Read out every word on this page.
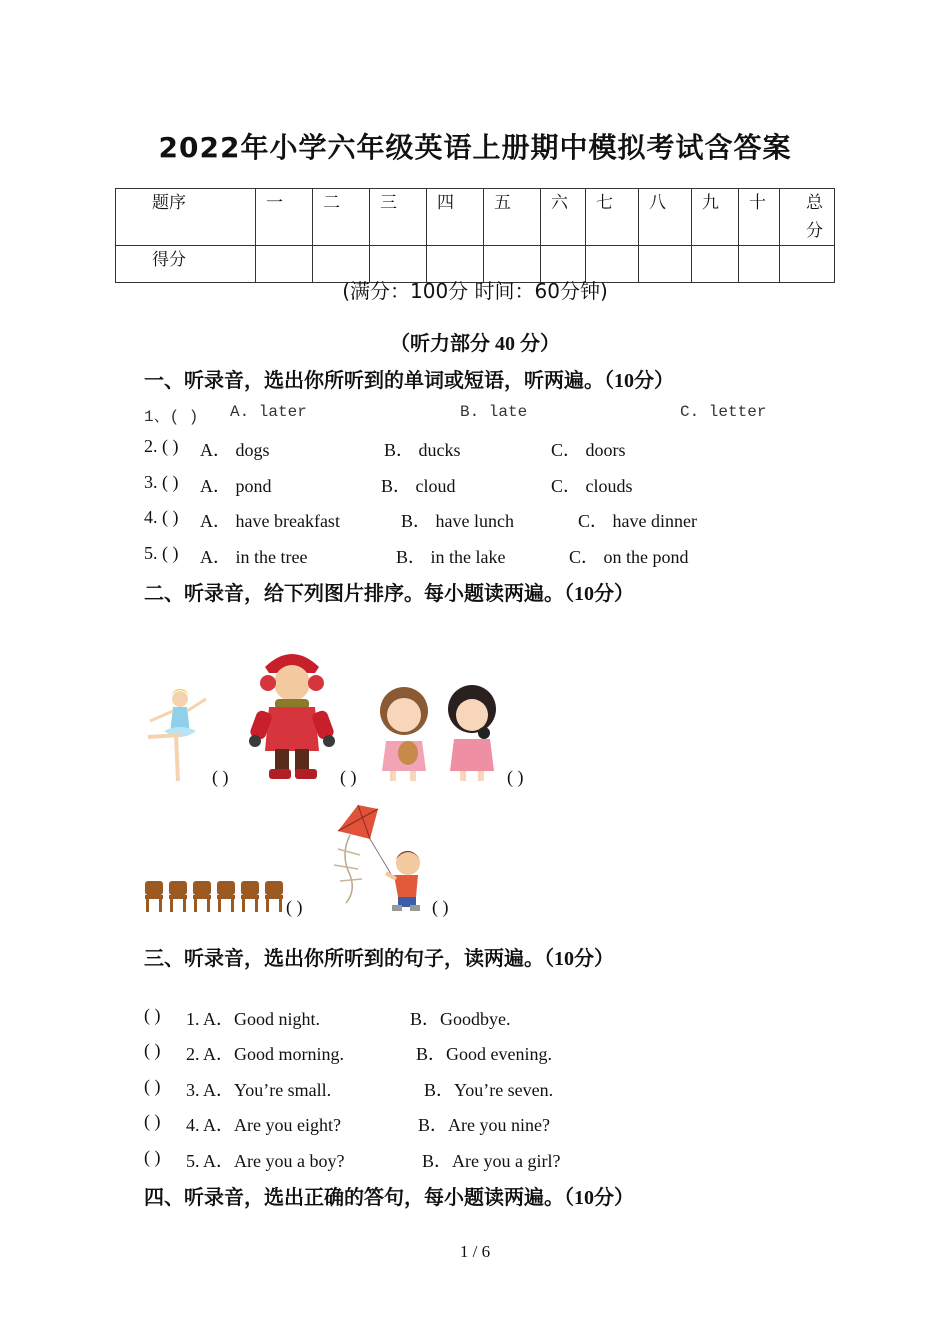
2022年小学六年级英语上册期中模拟考试含答案
题序	一	二	三	四	五	六	七	八	九	十	总分
得分											
(满分：100分 时间：60分钟)
（听力部分 40 分）
一、听录音，选出你所听到的单词或短语，听两遍。（10分）
1、( ) A. later	B. late	C. letter
2. ( ) A． dogs	B． ducks	C． doors
3. ( ) A． pond	B． cloud	C． clouds
4. ( ) A． have breakfast	B． have lunch	C． have dinner
5. ( ) A． in the tree	B． in the lake	C． on the pond
二、听录音，给下列图片排序。每小题读两遍。（10分）
( )	( )	( )
( )	( )
三、听录音，选出你所听到的句子，读两遍。（10分）
( ) 1. A．Good night.	B．Goodbye.
( ) 2. A．Good morning.	B．Good evening.
( ) 3. A．You’re small.	B．You’re seven.
( ) 4. A．Are you eight?	B．Are you nine?
( ) 5. A．Are you a boy?	B．Are you a girl?
四、听录音，选出正确的答句，每小题读两遍。（10分）
1 / 6
